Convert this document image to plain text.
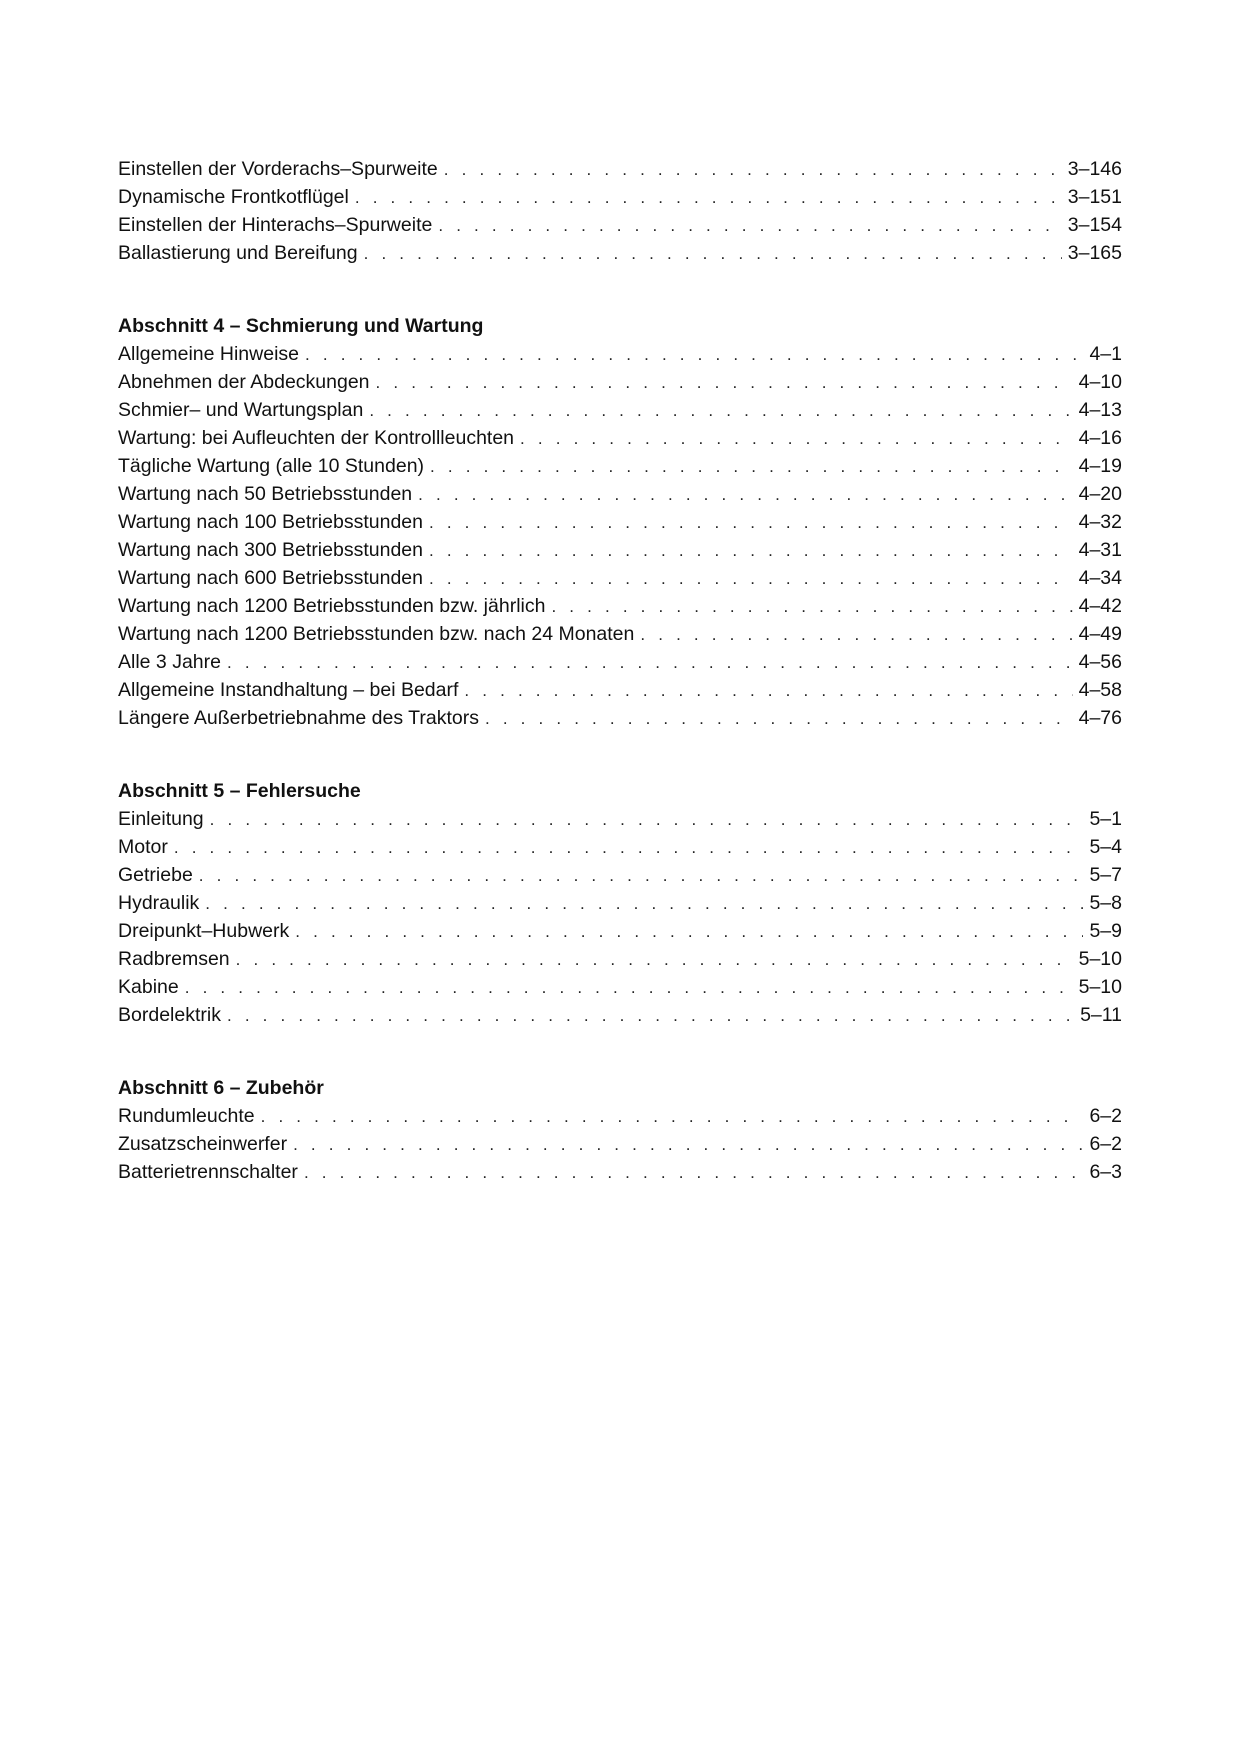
Einstellen der Vorderachs–Spurweite . . .	3–146
Dynamische Frontkotflügel . . .	3–151
Einstellen der Hinterachs–Spurweite . . .	3–154
Ballastierung und Bereifung . . .	3–165
Abschnitt 4 – Schmierung und Wartung
Allgemeine Hinweise . . .	4–1
Abnehmen der Abdeckungen . . .	4–10
Schmier– und Wartungsplan . . .	4–13
Wartung: bei Aufleuchten der Kontrollleuchten . . .	4–16
Tägliche Wartung (alle 10 Stunden) . . .	4–19
Wartung nach 50 Betriebsstunden . . .	4–20
Wartung nach 100 Betriebsstunden . . .	4–32
Wartung nach 300 Betriebsstunden . . .	4–31
Wartung nach 600 Betriebsstunden . . .	4–34
Wartung nach 1200 Betriebsstunden bzw. jährlich . . .	4–42
Wartung nach 1200 Betriebsstunden bzw. nach 24 Monaten . . .	4–49
Alle 3 Jahre . . .	4–56
Allgemeine Instandhaltung – bei Bedarf . . .	4–58
Längere Außerbetriebnahme des Traktors . . .	4–76
Abschnitt 5 – Fehlersuche
Einleitung . . .	5–1
Motor . . .	5–4
Getriebe . . .	5–7
Hydraulik . . .	5–8
Dreipunkt–Hubwerk . . .	5–9
Radbremsen . . .	5–10
Kabine . . .	5–10
Bordelektrik . . .	5–11
Abschnitt 6 – Zubehör
Rundumleuchte . . .	6–2
Zusatzscheinwerfer . . .	6–2
Batterietrennschalter . . .	6–3
